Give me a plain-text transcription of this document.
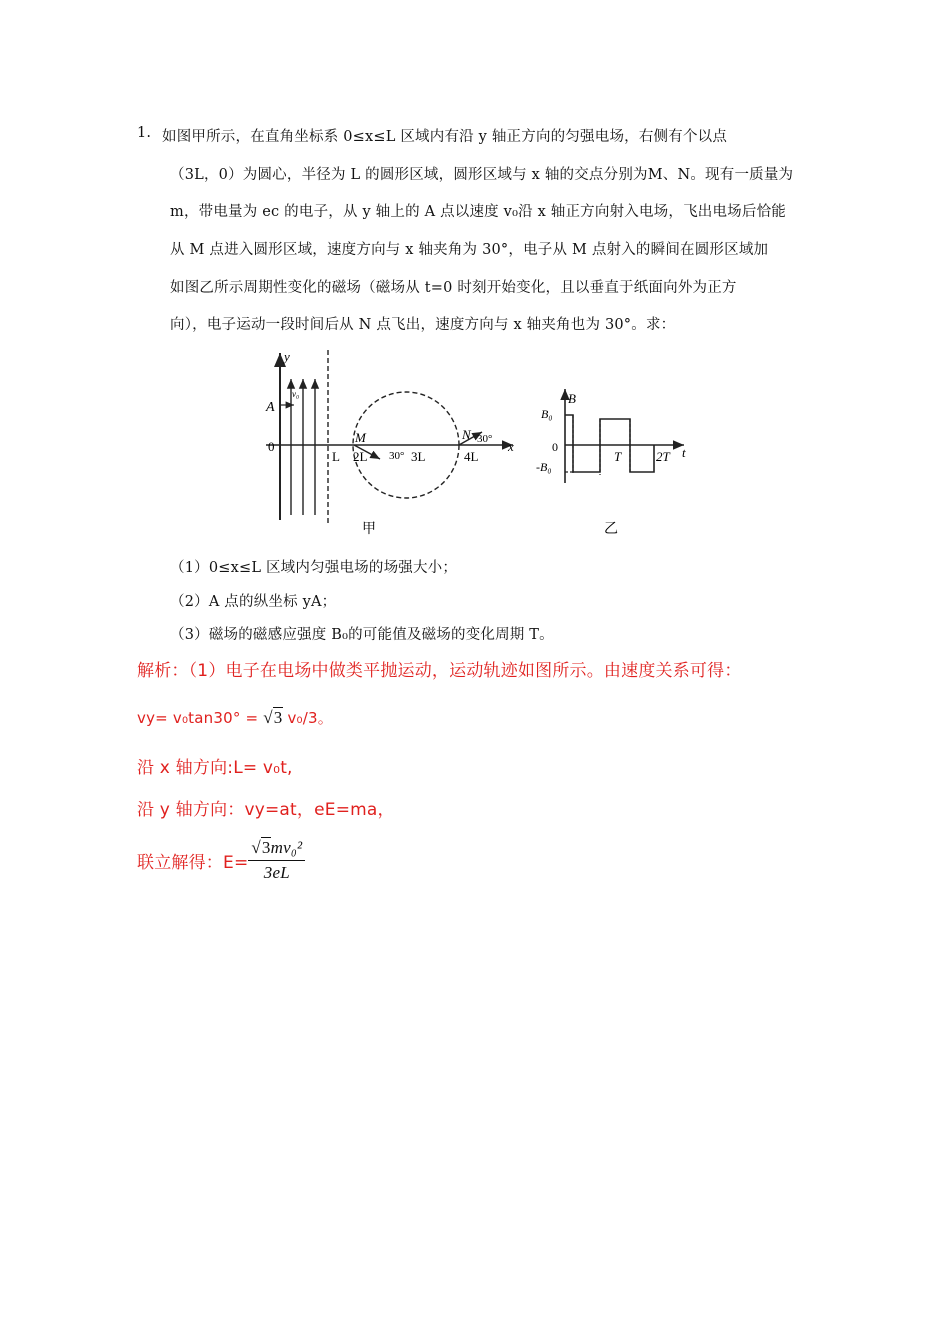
1. 如图甲所示，在直角坐标系 0≤x≤L 区域内有沿 y 轴正方向的匀强电场，右侧有个以点
（3L，0）为圆心，半径为 L 的圆形区域，圆形区域与 x 轴的交点分别为M、N。现有一质量为
m，带电量为 ec 的电子，从 y 轴上的 A 点以速度 v₀沿 x 轴正方向射入电场，飞出电场后恰能
从 M 点进入圆形区域，速度方向与 x 轴夹角为 30°，电子从 M 点射入的瞬间在圆形区域加
如图乙所示周期性变化的磁场（磁场从 t=0 时刻开始变化，且以垂直于纸面向外为正方
向），电子运动一段时间后从 N 点飞出，速度方向与 x 轴夹角也为 30°。求：
y
x
A
v₀
0
L
M	N
2L 30° 3L	4L
30°
甲
B
B₀
-B₀
0
T	2T t
乙
（1）0≤x≤L 区域内匀强电场的场强大小；
（2）A 点的纵坐标 yA；
（3）磁场的磁感应强度 B₀的可能值及磁场的变化周期 T。
解析：（1）电子在电场中做类平抛运动，运动轨迹如图所示。由速度关系可得：
vy= v₀tan30° = √3 v₀/3。
沿 x 轴方向:L= v₀t,
沿 y 轴方向：vy=at，eE=ma，
联立解得：$E= \frac{\text{√3mv₀²}}{3eL}$
